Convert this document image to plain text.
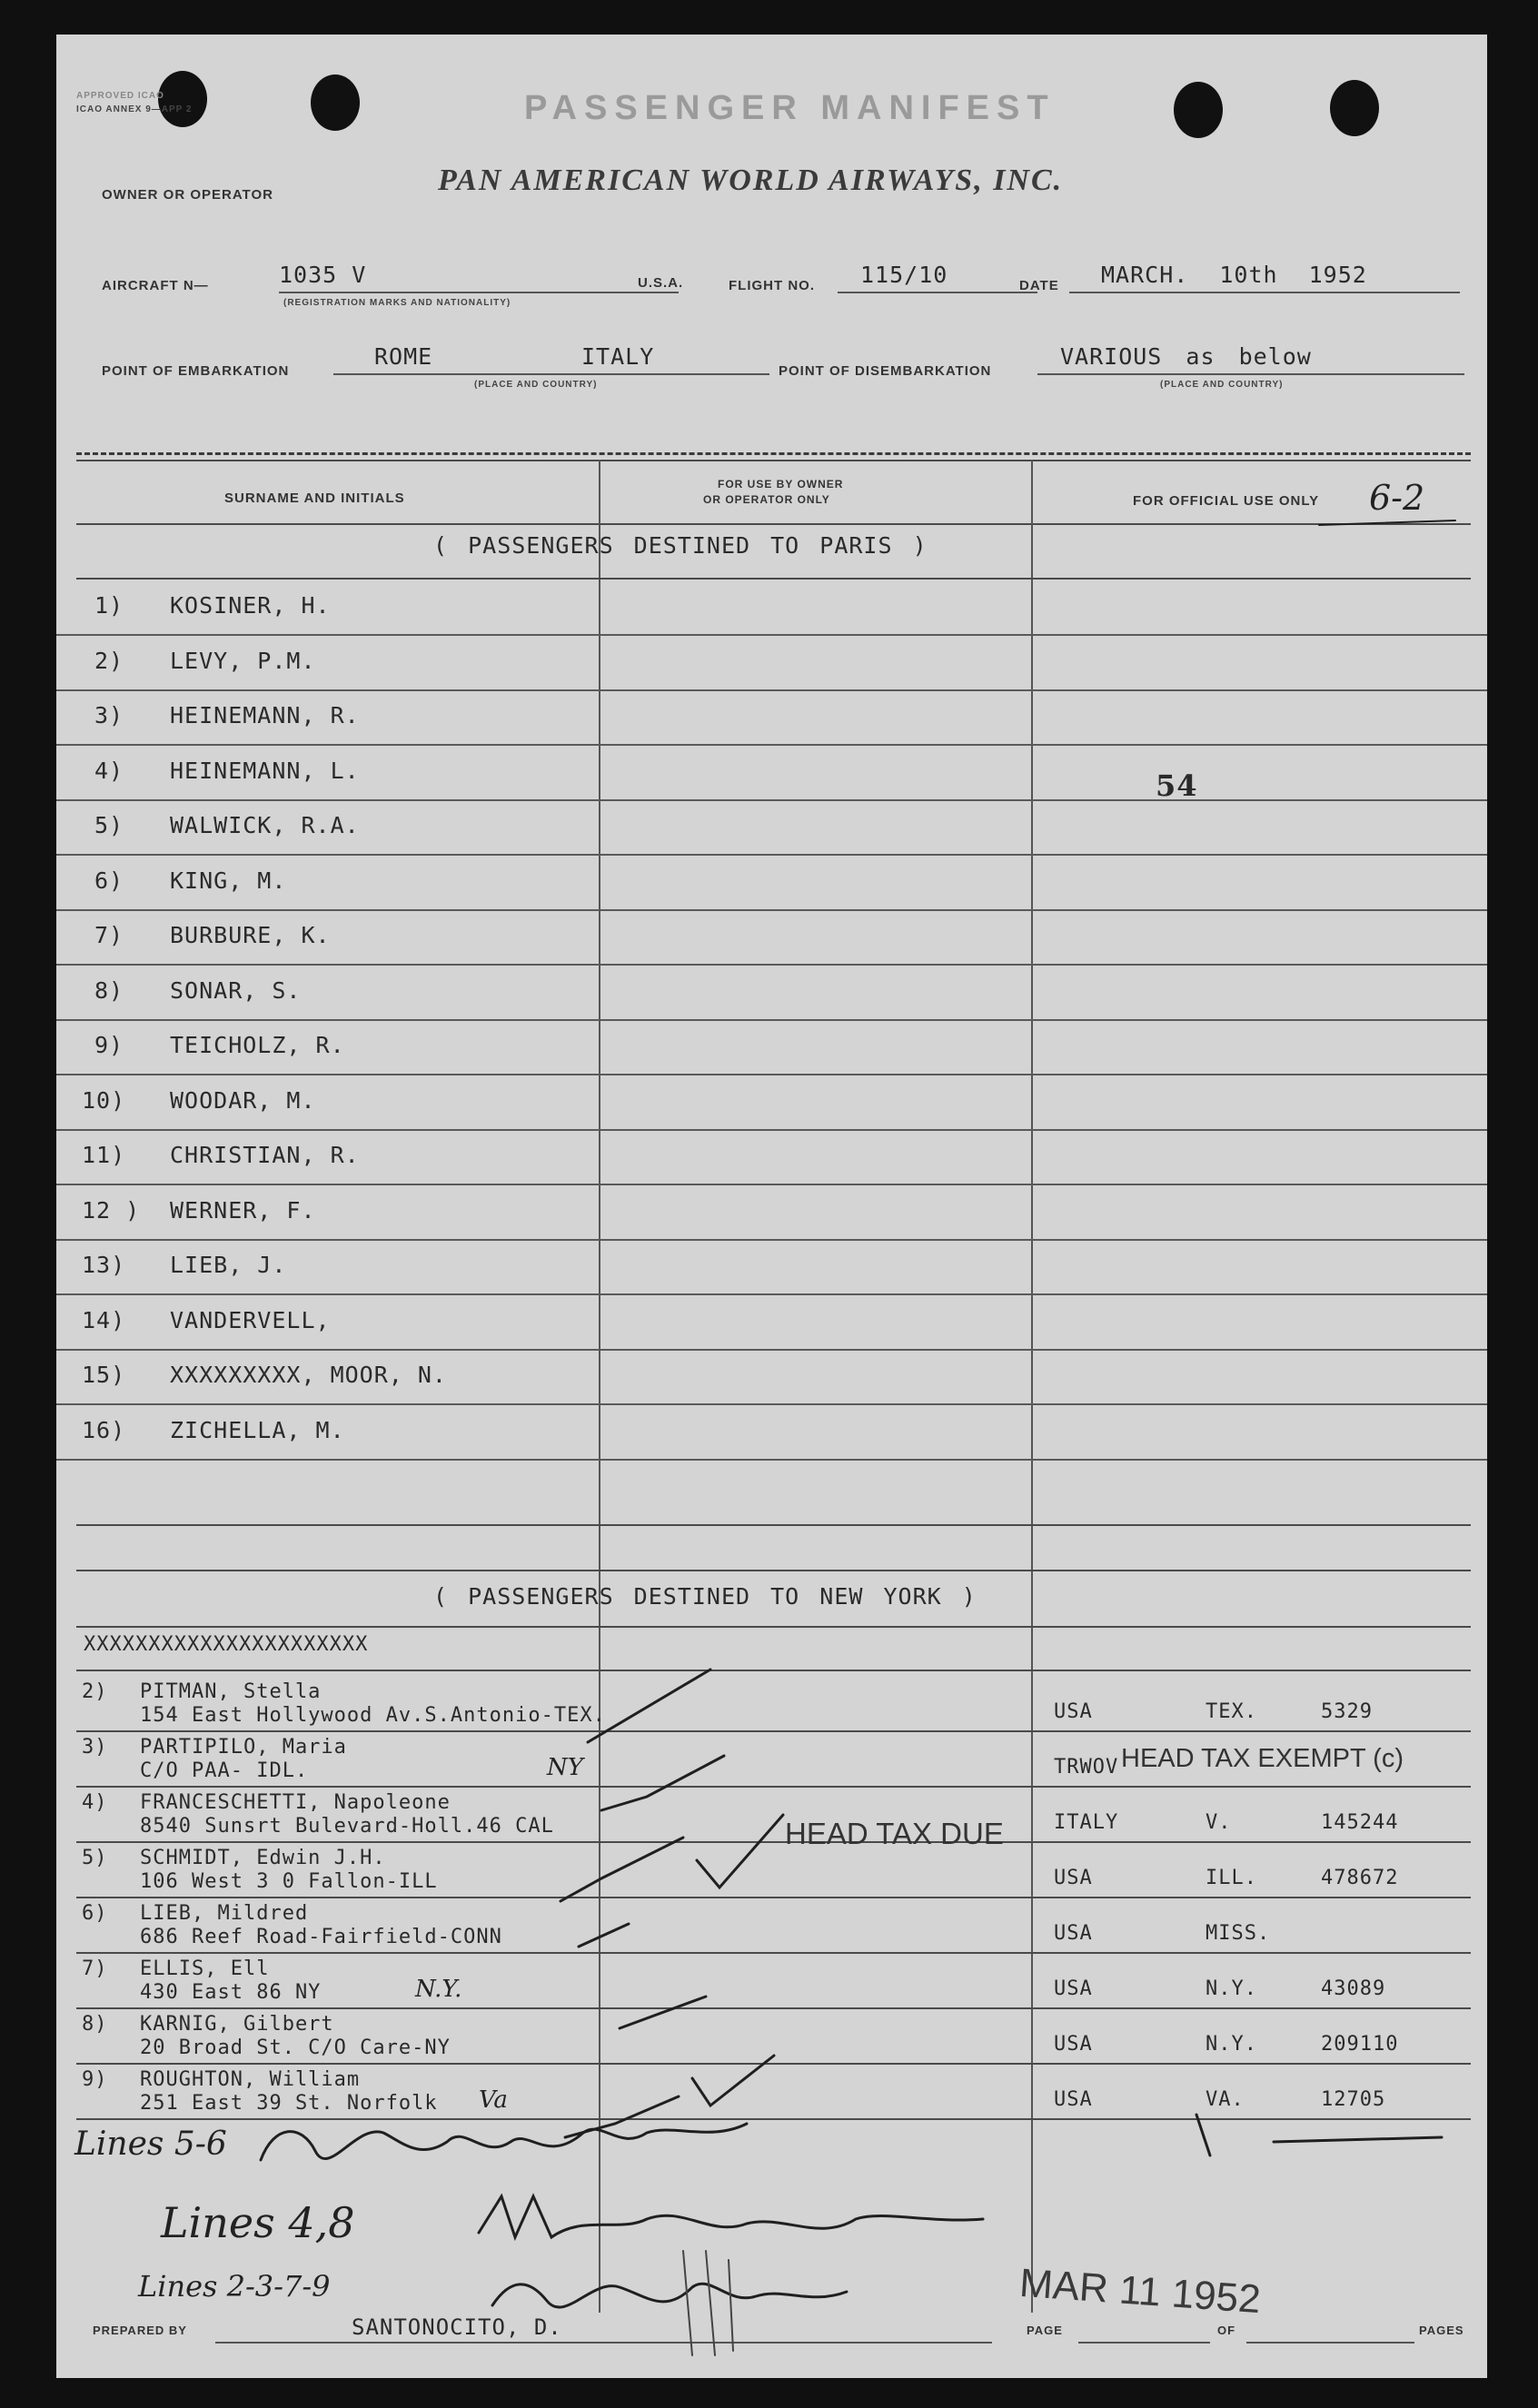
APPROVED ICAO
ICAO ANNEX 9—APP 2	PASSENGER MANIFEST
OWNER OR OPERATOR	PAN AMERICAN WORLD AIRWAYS, INC.
AIRCRAFT N—	1035 V
(REGISTRATION MARKS AND NATIONALITY)
U.S.A.	FLIGHT NO. 115/10	DATE MARCH. 10th 1952
POINT OF EMBARKATION
ROME	ITALY
(PLACE AND COUNTRY)
POINT OF DISEMBARKATION
VARIOUS as below
(PLACE AND COUNTRY)
SURNAME AND INITIALS
FOR USE BY OWNER
OR OPERATOR ONLY	FOR OFFICIAL USE ONLY 6-2
( PASSENGERS DESTINED TO PARIS )
1) KOSINER, H.
2) LEVY, P.M.
3) HEINEMANN, R.
4) HEINEMANN, L.
5) WALWICK, R.A.
6) KING, M.
7) BURBURE, K.
8) SONAR, S.
9) TEICHOLZ, R.
10) WOODAR, M.
11) CHRISTIAN, R.
12 ) WERNER, F.
13) LIEB, J.
14) VANDERVELL,
15) XXXXXXXXX, MOOR, N.
16) ZICHELLA, M.
54
( PASSENGERS DESTINED TO NEW YORK )
XXXXXXXXXXXXXXXXXXXXXX
2) PITMAN, Stella
154 East Hollywood Av.S.Antonio-TEX.	USA	TEX.	5329
3) PARTIPILO, Maria
C/O PAA- IDL.	NY	TRWOV
4) FRANCESCHETTI, Napoleone
8540 Sunsrt Bulevard-Holl.46 CAL	ITALY	V.	145244
5) SCHMIDT, Edwin J.H.
106 West 3 0 Fallon-ILL	USA	ILL.	478672
6) LIEB, Mildred
686 Reef Road-Fairfield-CONN	USA	MISS.
7) ELLIS, Ell
430 East 86 NY	N.Y.	USA	N.Y.	43089
8) KARNIG, Gilbert
20 Broad St. C/O Care-NY	USA	N.Y.	209110
9) ROUGHTON, William
251 East 39 St. Norfolk Va	USA	VA.	12705
HEAD TAX EXEMPT (c)
HEAD TAX DUE
Lines 5-6
Lines 4,8
Lines 2-3-7-9	MAR 11 1952
PREPARED BY	SANTONOCITO, D.	PAGE	OF	PAGES
